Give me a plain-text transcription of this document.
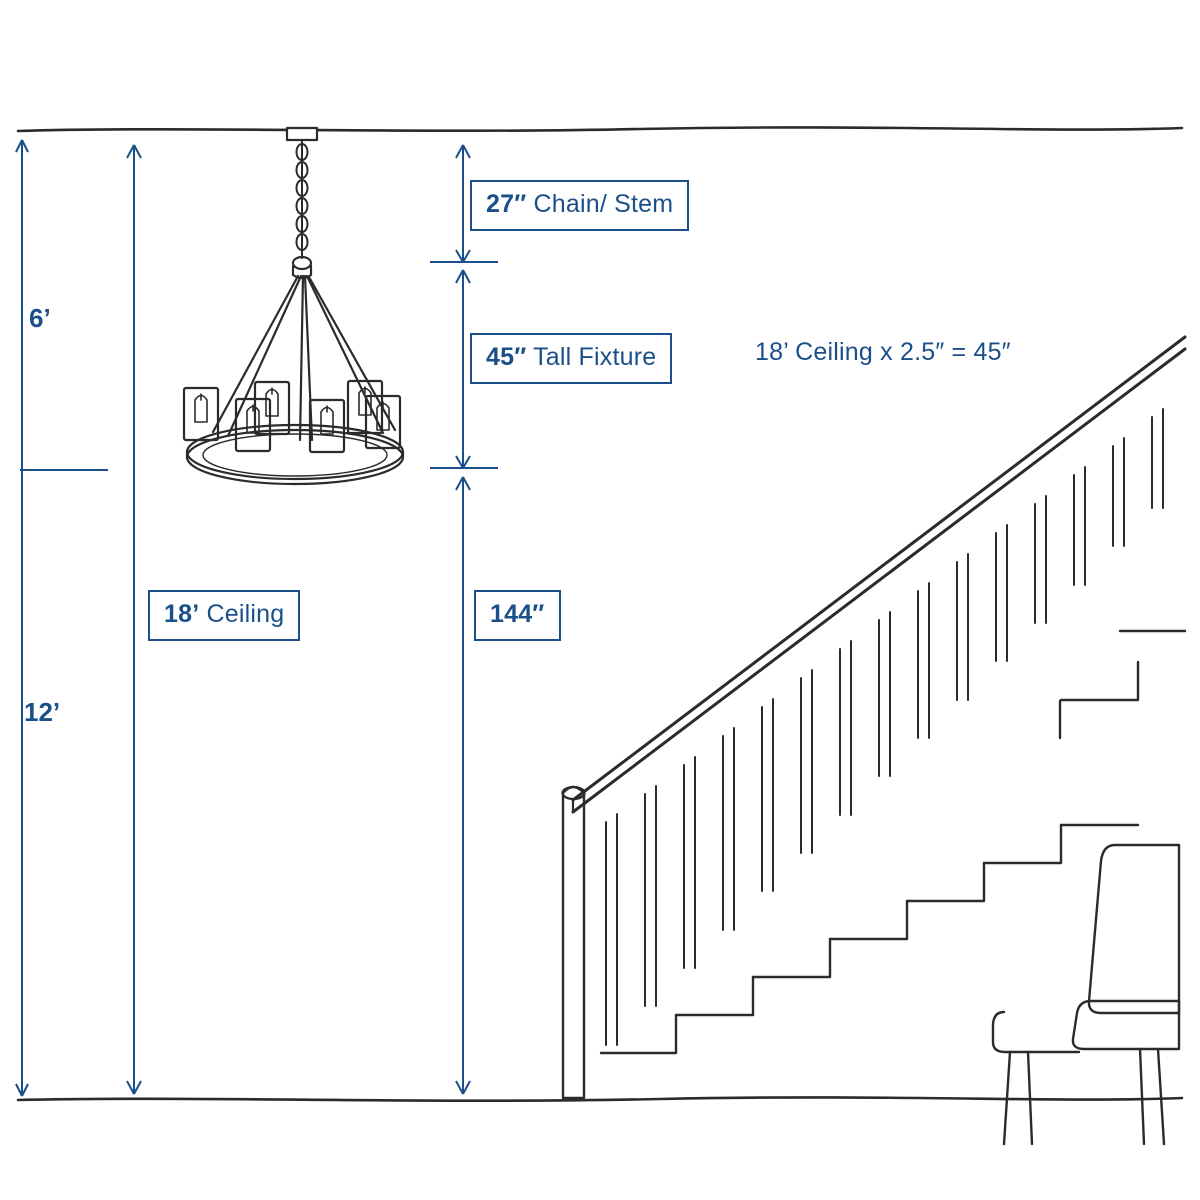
6’
12’
27″ Chain/ Stem
45″ Tall Fixture	18’ Ceiling x 2.5″ = 45″
18’ Ceiling	144″
